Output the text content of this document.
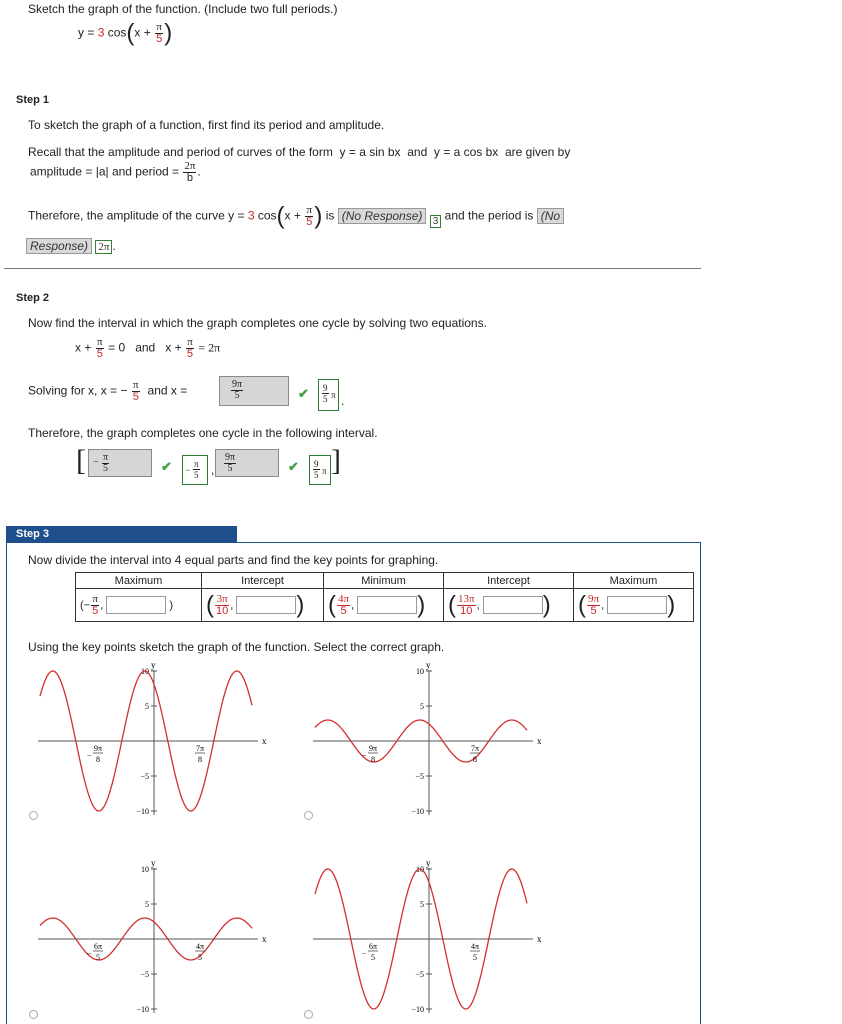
Sketch the graph of the function. (Include two full periods.)
y = 3 $\cos(x + \frac{\pi}{5}$ )
Step 1
To sketch the graph of a function, first find its period and amplitude.
Recall that the amplitude and period of curves of the form y = a sin bx and y = a cos bx are given by
amplitude = |a| and period = $\frac{2\pi}{b}$ .
Therefore, the amplitude of the curve y = 3 $\cos(x + \frac{\pi}{5}$ ) is (No Response) 3 and the period is (No
Response) 2π .
Step 2
Now find the interval in which the graph completes one cycle by solving two equations.
$x + \frac{\pi}{5} = 0$ and $x + \frac{\pi}{5} = 2\pi$
Solving for x, x = − $\frac{\pi}{5}$ and x =	$\frac{9\pi}{5}$	✔ $\frac{9}{5}$ π .
Therefore, the graph completes one cycle in the following interval.
[ − $\frac{\pi}{5}$	✔ − $\frac{\pi}{5}$ , $\frac{9\pi}{5}$	✔ $\frac{9}{5}$ π ]
Step 3
Now divide the interval into 4 equal parts and find the key points for graphing.
Maximum	Intercept	Minimum	Intercept	Maximum
(− $\frac{\pi}{5}$ , )	( $\frac{3\pi}{10}$ , )	( $\frac{4\pi}{5}$ , )	( $\frac{13\pi}{10}$ , )	( $\frac{9\pi}{5}$ , )
Using the key points sketch the graph of the function. Select the correct graph.
y
x
10
5
−5
−10
−
9π
8
7π
8
y
x
10
5
−5
−10
−
9π
8
7π
8
y
x
10
5
−5
−10
−
6π
5
4π
5
y
x
10
5
−5
−10
−
6π
5
4π
5
